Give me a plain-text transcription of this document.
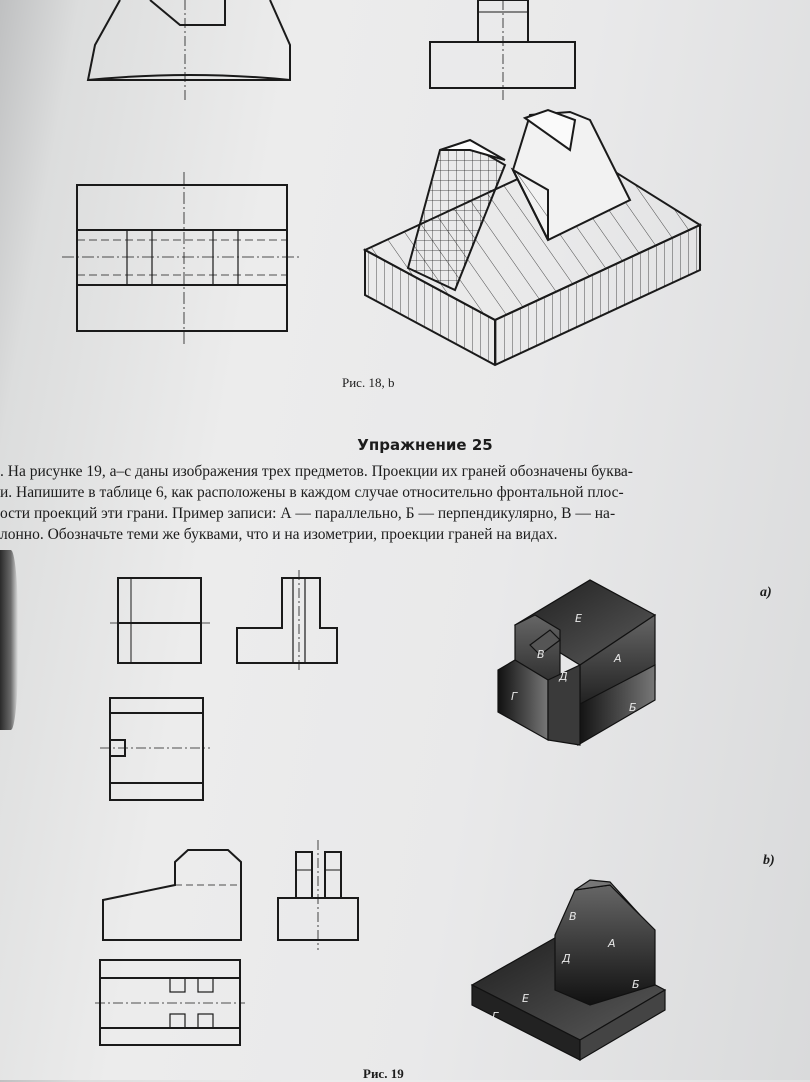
Е
В	А
Д
Г
Б
В
А
Д
Е
Г
Б
Рис. 18, b
Упражнение 25
. На рисунке 19, a–c даны изображения трех предметов. Проекции их граней обозначены буква-
и. Напишите в таблице 6, как расположены в каждом случае относительно фронтальной плос-
ости проекций эти грани. Пример записи: А — параллельно, Б — перпендикулярно, В — на-
лонно. Обозначьте теми же буквами, что и на изометрии, проекции граней на видах.
a)
b)
Рис. 19
